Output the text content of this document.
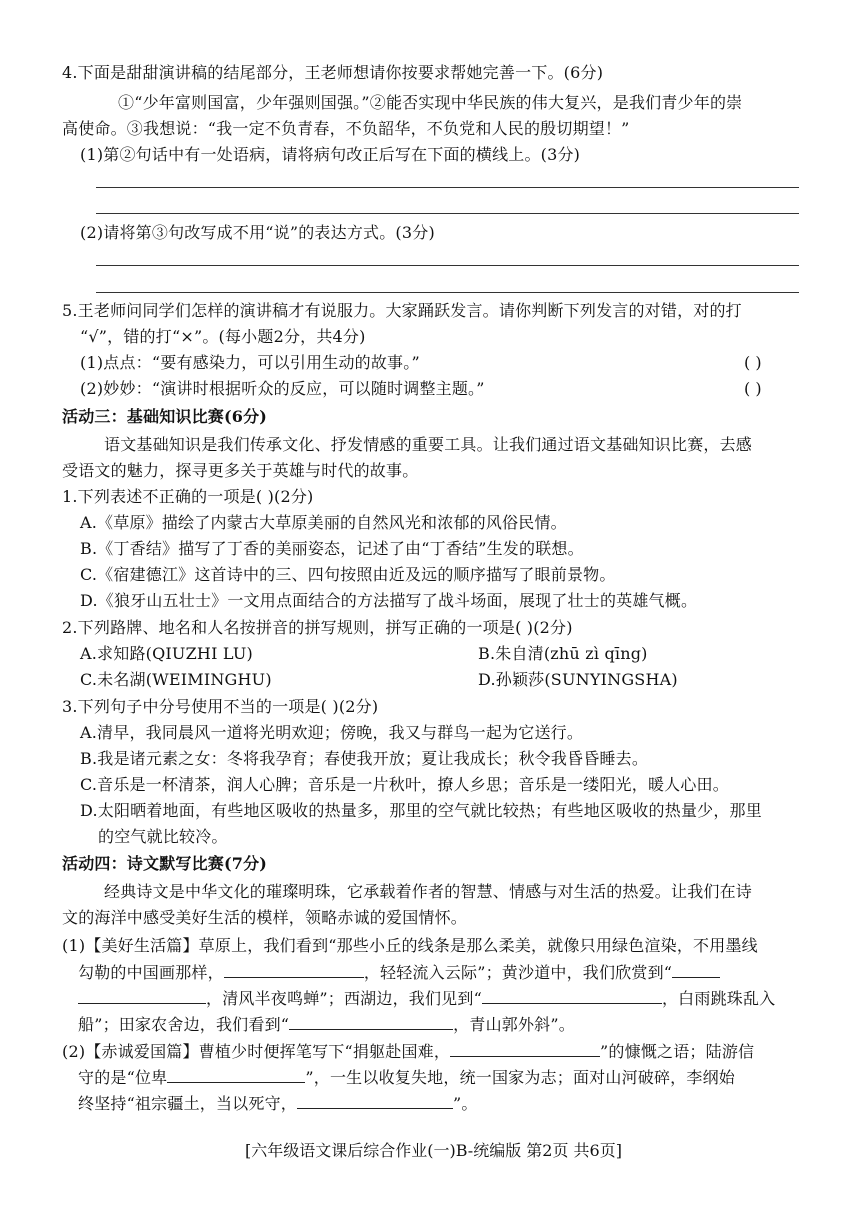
4.下面是甜甜演讲稿的结尾部分，王老师想请你按要求帮她完善一下。(6分)
①“少年富则国富，少年强则国强。”②能否实现中华民族的伟大复兴，是我们青少年的崇
高使命。③我想说：“我一定不负青春，不负韶华，不负党和人民的殷切期望！”
(1)第②句话中有一处语病，请将病句改正后写在下面的横线上。(3分)
(2)请将第③句改写成不用“说”的表达方式。(3分)
5.王老师问同学们怎样的演讲稿才有说服力。大家踊跃发言。请你判断下列发言的对错，对的打
“√”，错的打“×”。(每小题2分，共4分)
(1)点点：“要有感染力，可以引用生动的故事。”	( )
(2)妙妙：“演讲时根据听众的反应，可以随时调整主题。”	( )
活动三：基础知识比赛(6分)
语文基础知识是我们传承文化、抒发情感的重要工具。让我们通过语文基础知识比赛，去感
受语文的魅力，探寻更多关于英雄与时代的故事。
1.下列表述不正确的一项是( )(2分)
A.《草原》描绘了内蒙古大草原美丽的自然风光和浓郁的风俗民情。
B.《丁香结》描写了丁香的美丽姿态，记述了由“丁香结”生发的联想。
C.《宿建德江》这首诗中的三、四句按照由近及远的顺序描写了眼前景物。
D.《狼牙山五壮士》一文用点面结合的方法描写了战斗场面，展现了壮士的英雄气概。
2.下列路牌、地名和人名按拼音的拼写规则，拼写正确的一项是( )(2分)
A.求知路(QIUZHI LU)	B.朱自清(zhū zì qīng)
C.未名湖(WEIMINGHU)	D.孙颖莎(SUNYINGSHA)
3.下列句子中分号使用不当的一项是( )(2分)
A.清早，我同晨风一道将光明欢迎；傍晚，我又与群鸟一起为它送行。
B.我是诸元素之女：冬将我孕育；春使我开放；夏让我成长；秋令我昏昏睡去。
C.音乐是一杯清茶，润人心脾；音乐是一片秋叶，撩人乡思；音乐是一缕阳光，暖人心田。
D.太阳晒着地面，有些地区吸收的热量多，那里的空气就比较热；有些地区吸收的热量少，那里
的空气就比较冷。
活动四：诗文默写比赛(7分)
经典诗文是中华文化的璀璨明珠，它承载着作者的智慧、情感与对生活的热爱。让我们在诗
文的海洋中感受美好生活的模样，领略赤诚的爱国情怀。
(1)【美好生活篇】草原上，我们看到“那些小丘的线条是那么柔美，就像只用绿色渲染，不用墨线
勾勒的中国画那样，	，轻轻流入云际”；黄沙道中，我们欣赏到“
，清风半夜鸣蝉”；西湖边，我们见到“	，白雨跳珠乱入
船”；田家农舍边，我们看到“	，青山郭外斜”。
(2)【赤诚爱国篇】曹植少时便挥笔写下“捐躯赴国难，	”的慷慨之语；陆游信
守的是“位卑	”，一生以收复失地，统一国家为志；面对山河破碎，李纲始
终坚持“祖宗疆土，当以死守，	”。
[六年级语文课后综合作业(一)B-统编版 第2页 共6页]
